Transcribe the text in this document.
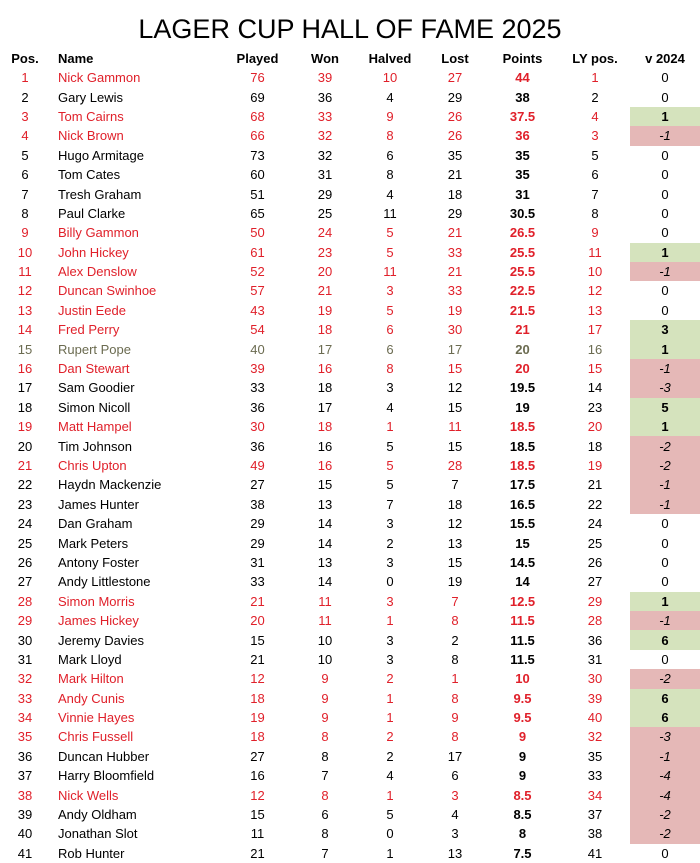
LAGER CUP HALL OF FAME 2025
Pos.	Name	Played	Won	Halved	Lost	Points	LY pos.	v 2024
1	Nick Gammon	76	39	10	27	44	1	0
2	Gary Lewis	69	36	4	29	38	2	0
3	Tom Cairns	68	33	9	26	37.5	4	1
4	Nick Brown	66	32	8	26	36	3	-1
5	Hugo Armitage	73	32	6	35	35	5	0
6	Tom Cates	60	31	8	21	35	6	0
7	Tresh Graham	51	29	4	18	31	7	0
8	Paul Clarke	65	25	11	29	30.5	8	0
9	Billy Gammon	50	24	5	21	26.5	9	0
10	John Hickey	61	23	5	33	25.5	11	1
11	Alex Denslow	52	20	11	21	25.5	10	-1
12	Duncan Swinhoe	57	21	3	33	22.5	12	0
13	Justin Eede	43	19	5	19	21.5	13	0
14	Fred Perry	54	18	6	30	21	17	3
15	Rupert Pope	40	17	6	17	20	16	1
16	Dan Stewart	39	16	8	15	20	15	-1
17	Sam Goodier	33	18	3	12	19.5	14	-3
18	Simon Nicoll	36	17	4	15	19	23	5
19	Matt Hampel	30	18	1	11	18.5	20	1
20	Tim Johnson	36	16	5	15	18.5	18	-2
21	Chris Upton	49	16	5	28	18.5	19	-2
22	Haydn Mackenzie	27	15	5	7	17.5	21	-1
23	James Hunter	38	13	7	18	16.5	22	-1
24	Dan Graham	29	14	3	12	15.5	24	0
25	Mark Peters	29	14	2	13	15	25	0
26	Antony Foster	31	13	3	15	14.5	26	0
27	Andy Littlestone	33	14	0	19	14	27	0
28	Simon Morris	21	11	3	7	12.5	29	1
29	James Hickey	20	11	1	8	11.5	28	-1
30	Jeremy Davies	15	10	3	2	11.5	36	6
31	Mark Lloyd	21	10	3	8	11.5	31	0
32	Mark Hilton	12	9	2	1	10	30	-2
33	Andy Cunis	18	9	1	8	9.5	39	6
34	Vinnie Hayes	19	9	1	9	9.5	40	6
35	Chris Fussell	18	8	2	8	9	32	-3
36	Duncan Hubber	27	8	2	17	9	35	-1
37	Harry Bloomfield	16	7	4	6	9	33	-4
38	Nick Wells	12	8	1	3	8.5	34	-4
39	Andy Oldham	15	6	5	4	8.5	37	-2
40	Jonathan Slot	11	8	0	3	8	38	-2
41	Rob Hunter	21	7	1	13	7.5	41	0
